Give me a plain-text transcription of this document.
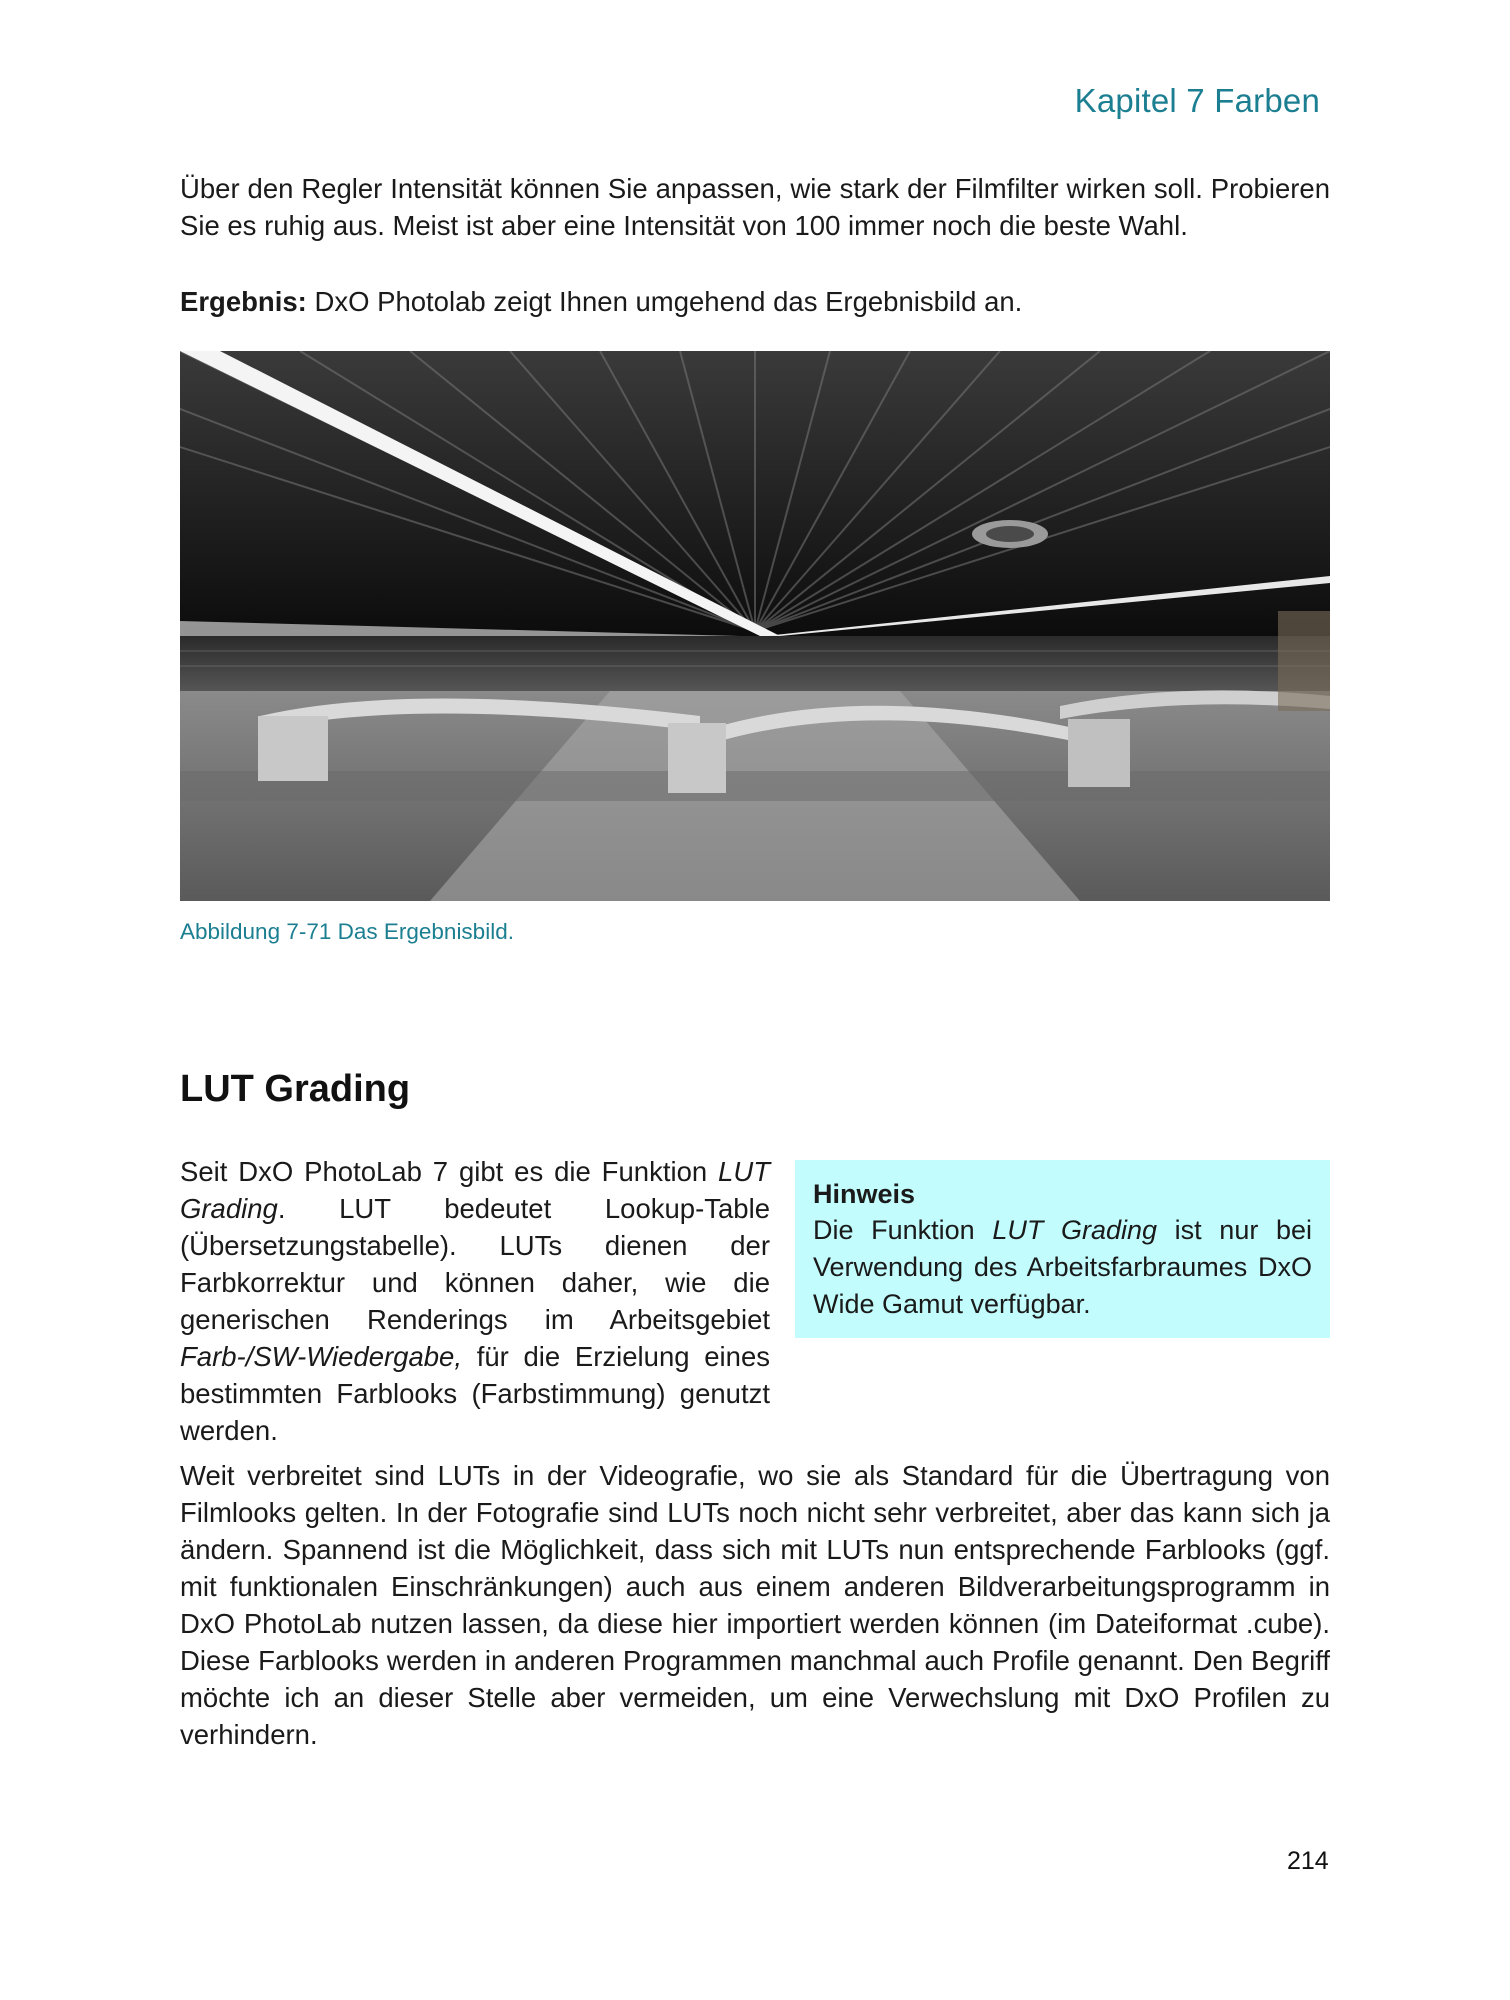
Kapitel 7 Farben

Über den Regler Intensität können Sie anpassen, wie stark der Filmfilter wirken soll. Probieren Sie es ruhig aus. Meist ist aber eine Intensität von 100 immer noch die beste Wahl.

Ergebnis: DxO Photolab zeigt Ihnen umgehend das Ergebnisbild an.

Abbildung 7-71 Das Ergebnisbild.
LUT Grading

Seit DxO PhotoLab 7 gibt es die Funktion LUT Grading. LUT bedeutet Lookup-Table (Übersetzungstabelle). LUTs dienen der Farbkorrektur und können daher, wie die generischen Renderings im Arbeitsgebiet Farb-/SW-Wiedergabe, für die Erzielung eines bestimmten Farblooks (Farbstimmung) genutzt werden.

Hinweis

Die Funktion LUT Grading ist nur bei Verwendung des Arbeitsfarbraumes DxO Wide Gamut verfügbar.

Weit verbreitet sind LUTs in der Videografie, wo sie als Standard für die Übertragung von Filmlooks gelten. In der Fotografie sind LUTs noch nicht sehr verbreitet, aber das kann sich ja ändern. Spannend ist die Möglichkeit, dass sich mit LUTs nun entsprechende Farblooks (ggf. mit funktionalen Einschränkungen) auch aus einem anderen Bildverarbeitungsprogramm in DxO PhotoLab nutzen lassen, da diese hier importiert werden können (im Dateiformat .cube). Diese Farblooks werden in anderen Programmen manchmal auch Profile genannt. Den Begriff möchte ich an dieser Stelle aber vermeiden, um eine Verwechslung mit DxO Profilen zu verhindern.

214
